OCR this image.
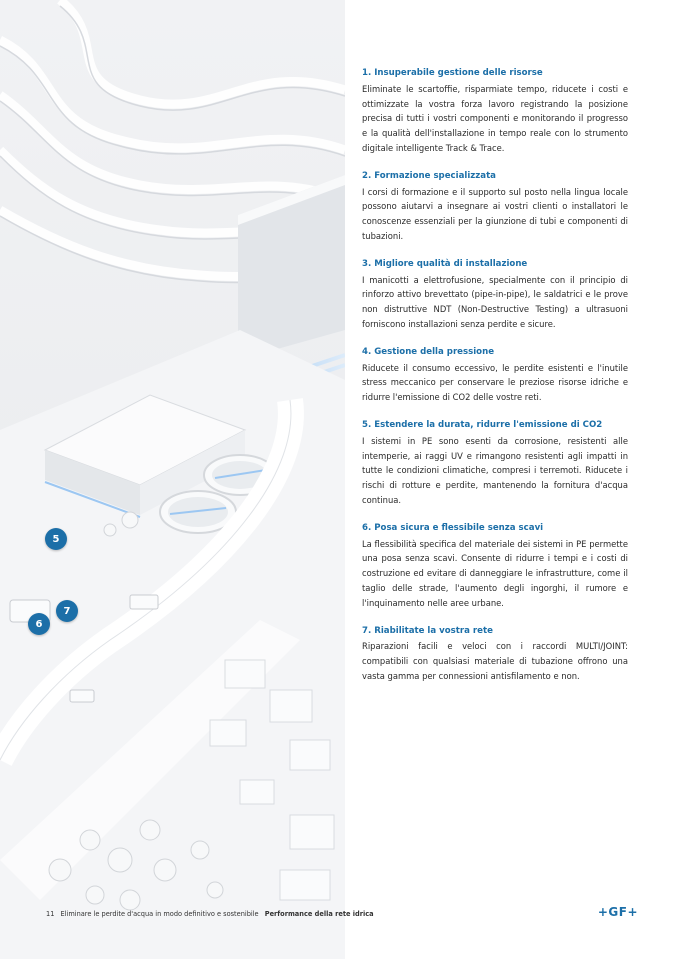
5
6
7
1. Insuperabile gestione delle risorse

Eliminate le scartoffie, risparmiate tempo, riducete i costi e ottimizzate la vostra forza lavoro registrando la posizione precisa di tutti i vostri componenti e monitorando il progresso e la qualità dell'installazione in tempo reale con lo strumento digitale intelligente Track & Trace.

2. Formazione specializzata

I corsi di formazione e il supporto sul posto nella lingua locale possono aiutarvi a insegnare ai vostri clienti o installatori le conoscenze essenziali per la giunzione di tubi e componenti di tubazioni.

3. Migliore qualità di installazione

I manicotti a elettrofusione, specialmente con il principio di rinforzo attivo brevettato (pipe-in-pipe), le saldatrici e le prove non distruttive NDT (Non-Destructive Testing) a ultrasuoni forniscono installazioni senza perdite e sicure.

4. Gestione della pressione

Riducete il consumo eccessivo, le perdite esistenti e l'inutile stress meccanico per conservare le preziose risorse idriche e ridurre l'emissione di CO2 delle vostre reti.

5. Estendere la durata, ridurre l'emissione di CO2

I sistemi in PE sono esenti da corrosione, resistenti alle intemperie, ai raggi UV e rimangono resistenti agli impatti in tutte le condizioni climatiche, compresi i terremoti. Riducete i rischi di rotture e perdite, mantenendo la fornitura d'acqua continua.

6. Posa sicura e flessibile senza scavi

La flessibilità specifica del materiale dei sistemi in PE permette una posa senza scavi. Consente di ridurre i tempi e i costi di costruzione ed evitare di danneggiare le infrastrutture, come il taglio delle strade, l'aumento degli ingorghi, il rumore e l'inquinamento nelle aree urbane.

7. Riabilitate la vostra rete

Riparazioni facili e veloci con i raccordi MULTI/JOINT: compatibili con qualsiasi materiale di tubazione offrono una vasta gamma per connessioni antisfilamento e non.

11 Eliminare le perdite d'acqua in modo definitivo e sostenibile Performance della rete idrica	+GF+
